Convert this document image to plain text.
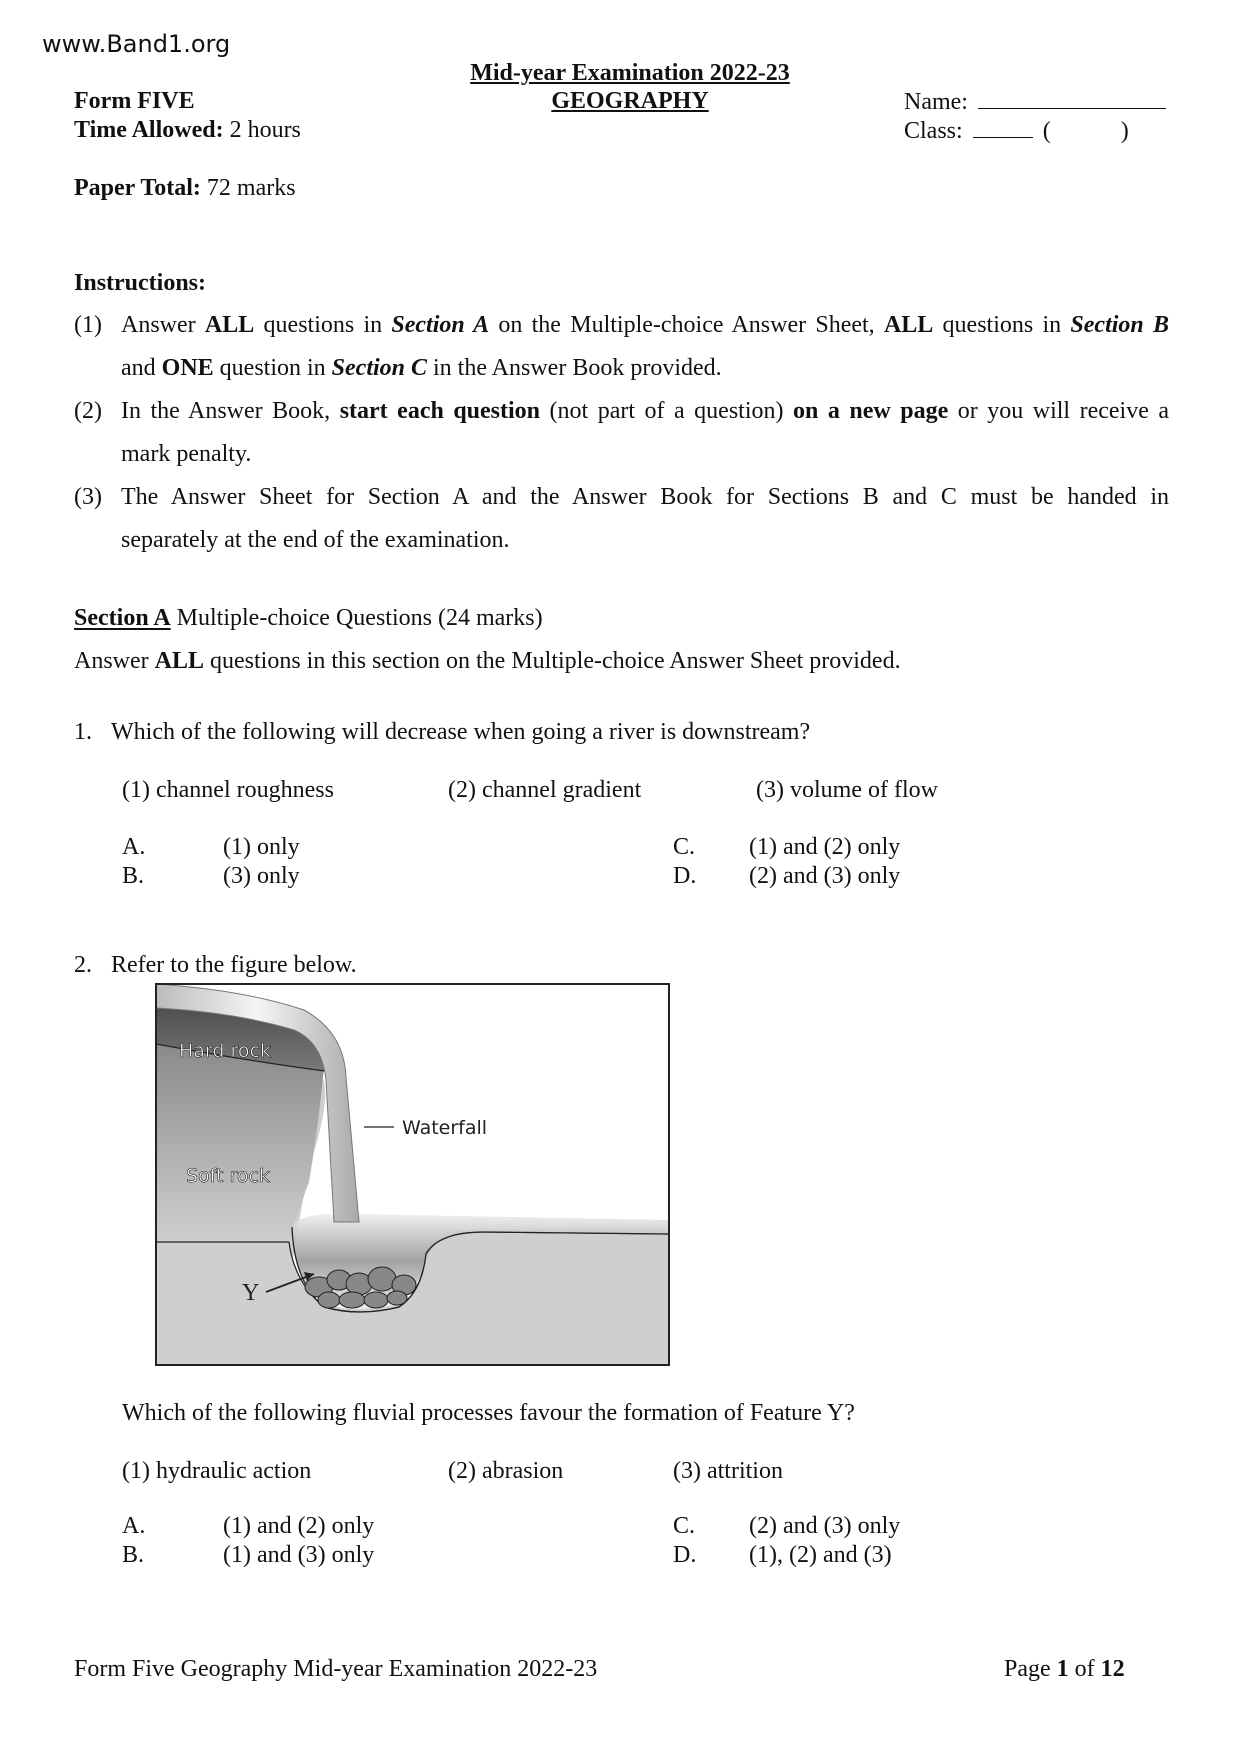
www.Band1.org
Mid-year Examination 2022-23
GEOGRAPHY
Form FIVE
Time Allowed: 2 hours
Paper Total: 72 marks
Name:
Class:	(	)
Instructions:
(1) Answer ALL questions in Section A on the Multiple-choice Answer Sheet, ALL questions in Section B
and ONE question in Section C in the Answer Book provided.
(2) In the Answer Book, start each question (not part of a question) on a new page or you will receive a
mark penalty.
(3) The Answer Sheet for Section A and the Answer Book for Sections B and C must be handed in
separately at the end of the examination.
Section A Multiple-choice Questions (24 marks)
Answer ALL questions in this section on the Multiple-choice Answer Sheet provided.
1. Which of the following will decrease when going a river is downstream?
(1) channel roughness	(2) channel gradient	(3) volume of flow
A.	(1) only
B.	(3) only
C. (1) and (2) only
D. (2) and (3) only
2. Refer to the figure below.
Hard rock
Soft rock
Waterfall
Y
Which of the following fluvial processes favour the formation of Feature Y?
(1) hydraulic action	(2) abrasion	(3) attrition
A.	(1) and (2) only
B.	(1) and (3) only
C. (2) and (3) only
D. (1), (2) and (3)
Form Five Geography Mid-year Examination 2022-23	Page 1 of 12
